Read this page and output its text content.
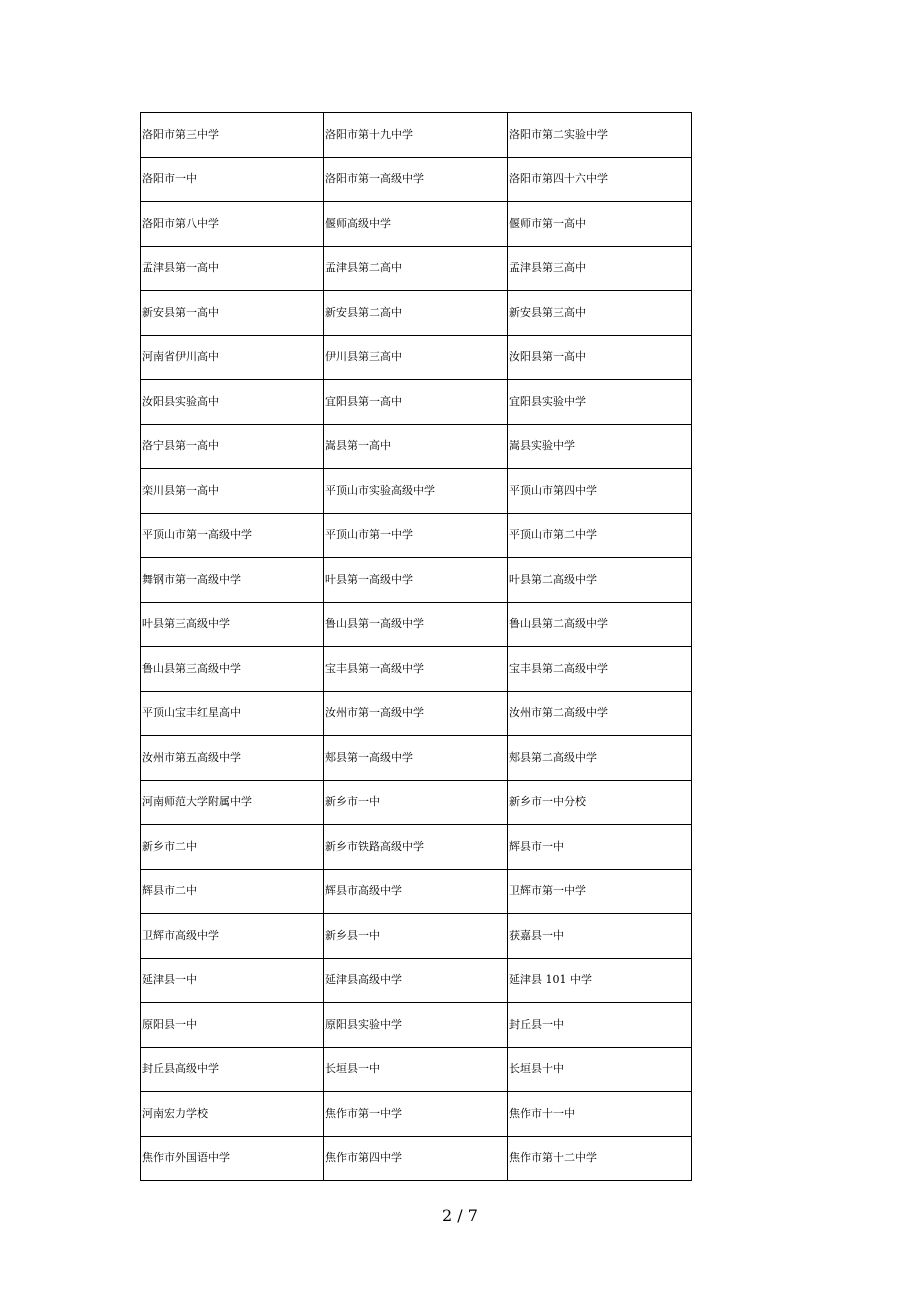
洛阳市第三中学	洛阳市第十九中学	洛阳市第二实验中学
洛阳市一中	洛阳市第一高级中学	洛阳市第四十六中学
洛阳市第八中学	偃师高级中学	偃师市第一高中
孟津县第一高中	孟津县第二高中	孟津县第三高中
新安县第一高中	新安县第二高中	新安县第三高中
河南省伊川高中	伊川县第三高中	汝阳县第一高中
汝阳县实验高中	宜阳县第一高中	宜阳县实验中学
洛宁县第一高中	嵩县第一高中	嵩县实验中学
栾川县第一高中	平顶山市实验高级中学	平顶山市第四中学
平顶山市第一高级中学	平顶山市第一中学	平顶山市第二中学
舞钢市第一高级中学	叶县第一高级中学	叶县第二高级中学
叶县第三高级中学	鲁山县第一高级中学	鲁山县第二高级中学
鲁山县第三高级中学	宝丰县第一高级中学	宝丰县第二高级中学
平顶山宝丰红星高中	汝州市第一高级中学	汝州市第二高级中学
汝州市第五高级中学	郏县第一高级中学	郏县第二高级中学
河南师范大学附属中学	新乡市一中	新乡市一中分校
新乡市二中	新乡市铁路高级中学	辉县市一中
辉县市二中	辉县市高级中学	卫辉市第一中学
卫辉市高级中学	新乡县一中	获嘉县一中
延津县一中	延津县高级中学	延津县 101 中学
原阳县一中	原阳县实验中学	封丘县一中
封丘县高级中学	长垣县一中	长垣县十中
河南宏力学校	焦作市第一中学	焦作市十一中
焦作市外国语中学	焦作市第四中学	焦作市第十二中学
2 / 7
